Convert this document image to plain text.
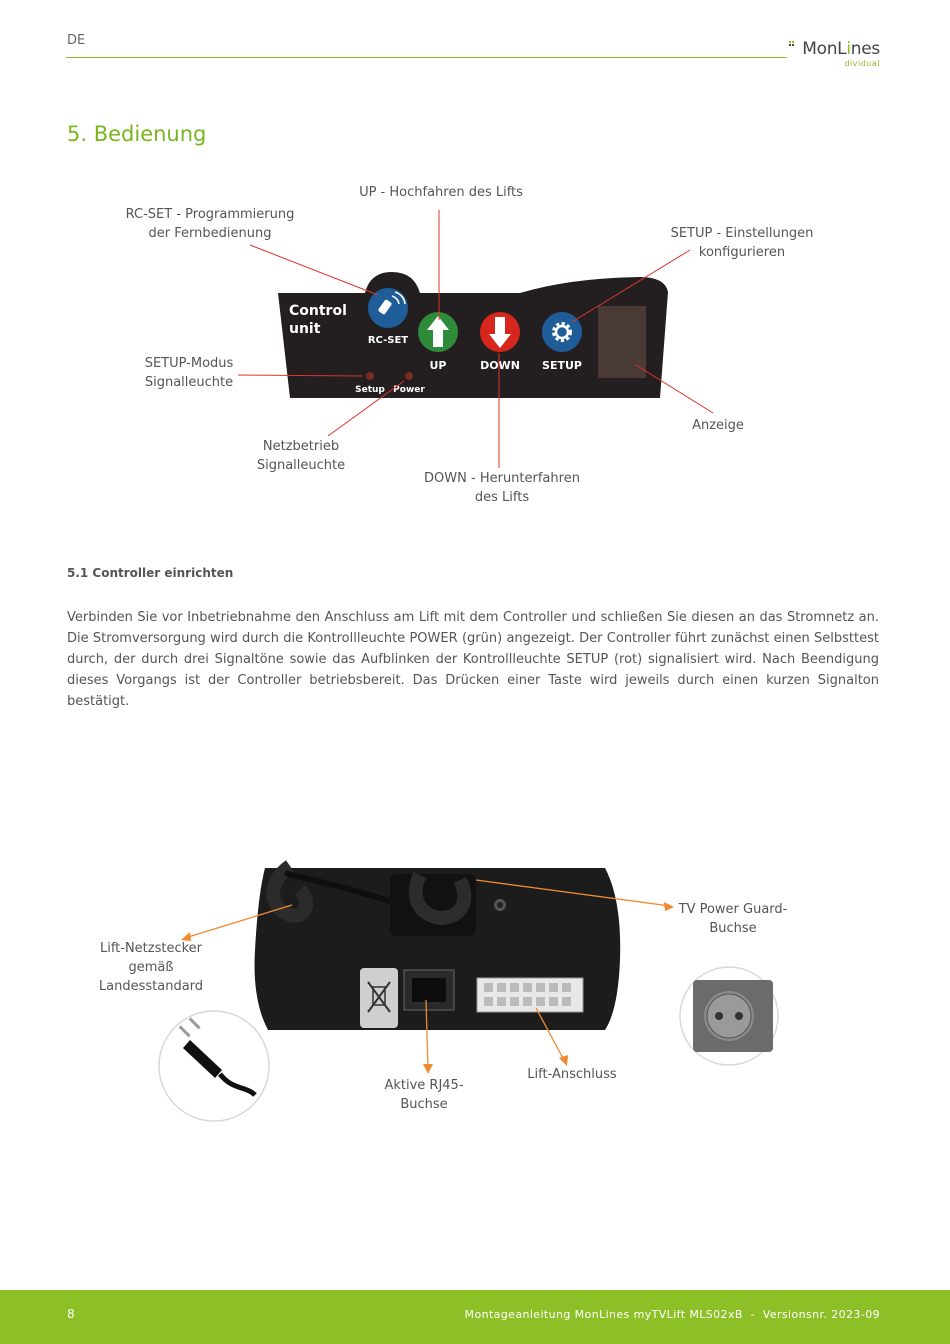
DE	MonLines
dividual
5. Bedienung
Control
unit
RC-SET
UP	DOWN SETUP
Setup Power
UP - Hochfahren des Lifts
RC-SET - Programmierung
der Fernbedienung	SETUP - Einstellungen
konfigurieren
SETUP-Modus
Signalleuchte
Anzeige
Netzbetrieb
Signalleuchte
DOWN - Herunterfahren
des Lifts
5.1 Controller einrichten
Verbinden Sie vor Inbetriebnahme den Anschluss am Lift mit dem Controller und schließen Sie diesen an das Stromnetz an. Die Stromversorgung wird durch die Kontrollleuchte POWER (grün) angezeigt. Der Controller führt zunächst einen Selbsttest durch, der durch drei Signaltöne sowie das Aufblinken der Kontrollleuchte SETUP (rot) signalisiert wird. Nach Beendigung dieses Vorgangs ist der Controller betriebsbereit. Das Drücken einer Taste wird jeweils durch einen kurzen Signalton bestätigt.
TV Power Guard-
Buchse
Lift-Netzstecker
gemäß
Landesstandard
Lift-Anschluss
Aktive RJ45-
Buchse
8	Montageanleitung MonLines myTVLift MLS02xB  -  Versionsnr. 2023-09
